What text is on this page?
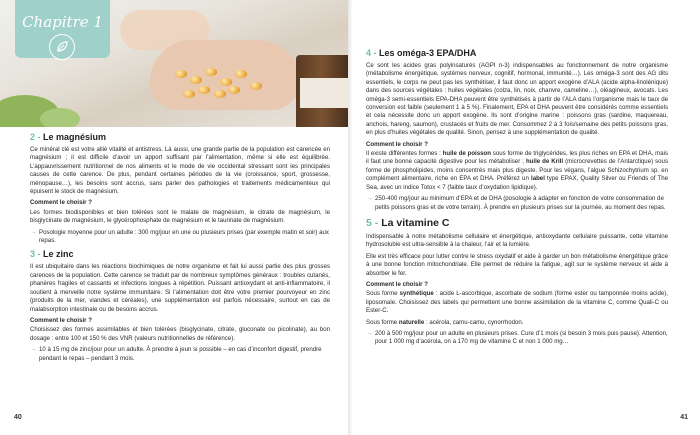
Chapitre 1
2 - Le magnésium

Ce minéral clé est votre allié vitalité et antistress. Là aussi, une grande partie de la population est carencée en magnésium ; il est difficile d’avoir un apport suffisant par l’alimentation, même si elle est équilibrée. L’appauvrissement nutritionnel de nos aliments et le mode de vie occidental stressant sont les principales causes de cette carence. De plus, pendant certaines périodes de la vie (croissance, sport, grossesse, ménopause…), les besoins sont accrus, sans parler des pathologies et traitements médicamenteux qui épuisent le stock de magnésium.

Comment le choisir ?

Les formes biodisponibles et bien tolérées sont le malate de magnésium, le citrate de magnésium, le bisglycinate de magnésium, le glycérophosphate de magnésium et le taurinate de magnésium.

→ Posologie moyenne pour un adulte : 300 mg/jour en une ou plusieurs prises (par exemple matin et soir) aux repas.
3 - Le zinc

Il est ubiquitaire dans les réactions biochimiques de notre organisme et fait lui aussi partie des plus grosses carences de la population. Cette carence se traduit par de nombreux symptômes généraux : troubles cutanés, phanères fragiles et cassants et infections longues à répétition. Puissant antioxydant et anti-inflammatoire, il soutient à merveille notre système immunitaire. Si l’alimentation doit être votre premier pourvoyeur en zinc (produits de la mer, viandes et céréales), une supplémentation est parfois nécessaire, surtout en cas de malabsorption intestinale ou de besoins accrus.

Comment le choisir ?

Choisissez des formes assimilables et bien tolérées (bisglycinate, citrate, gluconate ou picolinate), au bon dosage : entre 100 et 150 % des VNR (valeurs nutritionnelles de référence).

→ 10 à 15 mg de zinc/jour pour un adulte. À prendre à jeun si possible – en cas d’inconfort digestif, prendre pendant le repas – pendant 3 mois.
40
4 - Les oméga-3 EPA/DHA

Ce sont les acides gras polyinsaturés (AGPI n-3) indispensables au fonctionnement de notre organisme (métabolisme énergétique, systèmes nerveux, cognitif, hormonal, immunité…). Les oméga-3 sont des AG dits essentiels, le corps ne peut pas les synthétiser, il faut donc un apport exogène d’ALA (acide alpha-linolénique) dans des sources végétales : huiles végétales (colza, lin, noix, chanvre, cameline…), oléagineux, avocats. Les oméga-3 semi-essentiels EPA-DHA peuvent être synthétisés à partir de l’ALA dans l’organisme mais le taux de conversion est faible (seulement 1 à 5 %). Finalement, EPA et DHA peuvent être considérés comme essentiels et cela nécessite donc un apport exogène. Ils sont d’origine marine : poissons gras (sardine, maquereau, anchois, hareng, saumon), crustacés et fruits de mer. Consommez 2 à 3 fois/semaine des petits poissons gras, en plus d’huiles végétales de qualité. Sinon, pensez à une supplémentation de qualité.

Comment le choisir ?

Il existe différentes formes : huile de poisson sous forme de triglycérides, les plus riches en EPA et DHA, mais il faut une bonne capacité digestive pour les métaboliser ; huile de Krill (microcrevettes de l’Antarctique) sous forme de phospholipides, moins concentrés mais plus digeste. Pour les végans, l’algue Schizochytrium sp. en complément alimentaire, riche en EPA et DHA. Préférez un label type EPAX, Quality Silver ou Friends of The Sea, avec un indice Totox < 7 (faible taux d’oxydation lipidique).

→ 250-400 mg/jour au minimum d’EPA et de DHA (posologie à adapter en fonction de votre consommation de petits poissons gras et de votre terrain). À prendre en plusieurs prises sur la journée, au moment des repas.
5 - La vitamine C

Indispensable à notre métabolisme cellulaire et énergétique, antioxydante cellulaire puissante, cette vitamine hydrosoluble est ultra-sensible à la chaleur, l’air et la lumière.

Elle est très efficace pour lutter contre le stress oxydatif et aide à garder un bon métabolisme énergétique grâce à une bonne fonction mitochondriale. Elle permet de réduire la fatigue, agit sur le système nerveux et aide à absorber le fer.

Comment le choisir ?

Sous forme synthétique : acide L-ascorbique, ascorbate de sodium (forme ester ou tamponnée moins acide), liposomale. Choisissez des labels qui permettent une bonne assimilation de la vitamine C, comme Quali-C ou Ester-C.

Sous forme naturelle : acérola, camu-camu, cynorrhodon.

→ 200 à 500 mg/jour pour un adulte en plusieurs prises. Cure d’1 mois (si besoin 3 mois puis pause). Attention, pour 1 000 mg d’acérola, on a 170 mg de vitamine C et non 1 000 mg…
41
